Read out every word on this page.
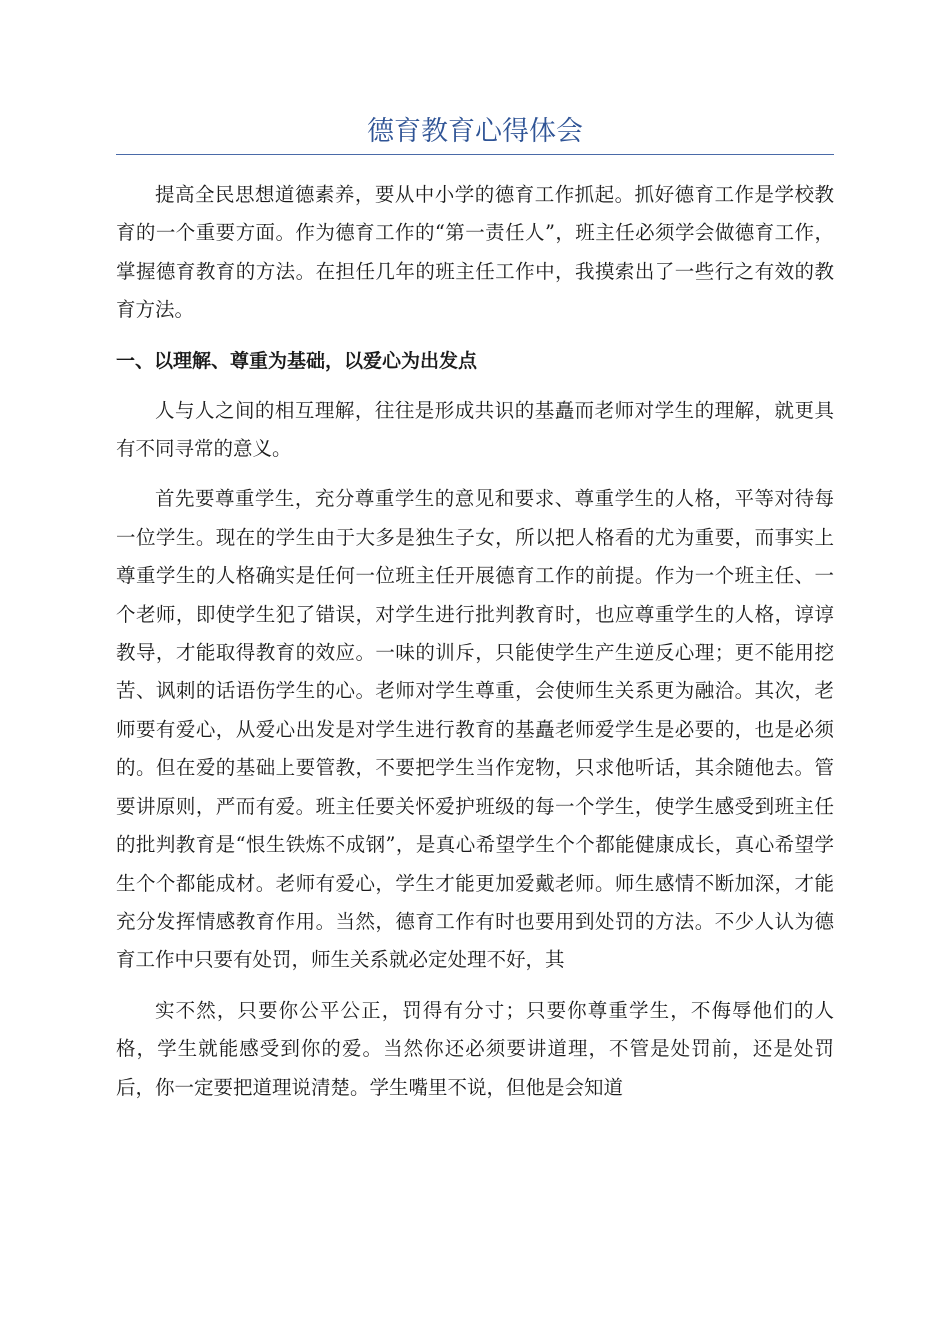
德育教育心得体会

提高全民思想道德素养，要从中小学的德育工作抓起。抓好德育工作是学校教育的一个重要方面。作为德育工作的“第一责任人”，班主任必须学会做德育工作，掌握德育教育的方法。在担任几年的班主任工作中，我摸索出了一些行之有效的教育方法。

一、以理解、尊重为基础，以爱心为出发点

人与人之间的相互理解，往往是形成共识的基矗而老师对学生的理解，就更具有不同寻常的意义。

首先要尊重学生，充分尊重学生的意见和要求、尊重学生的人格，平等对待每一位学生。现在的学生由于大多是独生子女，所以把人格看的尤为重要，而事实上尊重学生的人格确实是任何一位班主任开展德育工作的前提。作为一个班主任、一个老师，即使学生犯了错误，对学生进行批判教育时，也应尊重学生的人格，谆谆教导，才能取得教育的效应。一味的训斥，只能使学生产生逆反心理；更不能用挖苦、讽刺的话语伤学生的心。老师对学生尊重，会使师生关系更为融洽。其次，老师要有爱心，从爱心出发是对学生进行教育的基矗老师爱学生是必要的，也是必须的。但在爱的基础上要管教，不要把学生当作宠物，只求他听话，其余随他去。管要讲原则，严而有爱。班主任要关怀爱护班级的每一个学生，使学生感受到班主任的批判教育是“恨生铁炼不成钢”，是真心希望学生个个都能健康成长，真心希望学生个个都能成材。老师有爱心，学生才能更加爱戴老师。师生感情不断加深，才能充分发挥情感教育作用。当然，德育工作有时也要用到处罚的方法。不少人认为德育工作中只要有处罚，师生关系就必定处理不好，其

实不然，只要你公平公正，罚得有分寸；只要你尊重学生，不侮辱他们的人格，学生就能感受到你的爱。当然你还必须要讲道理，不管是处罚前，还是处罚后，你一定要把道理说清楚。学生嘴里不说，但他是会知道
